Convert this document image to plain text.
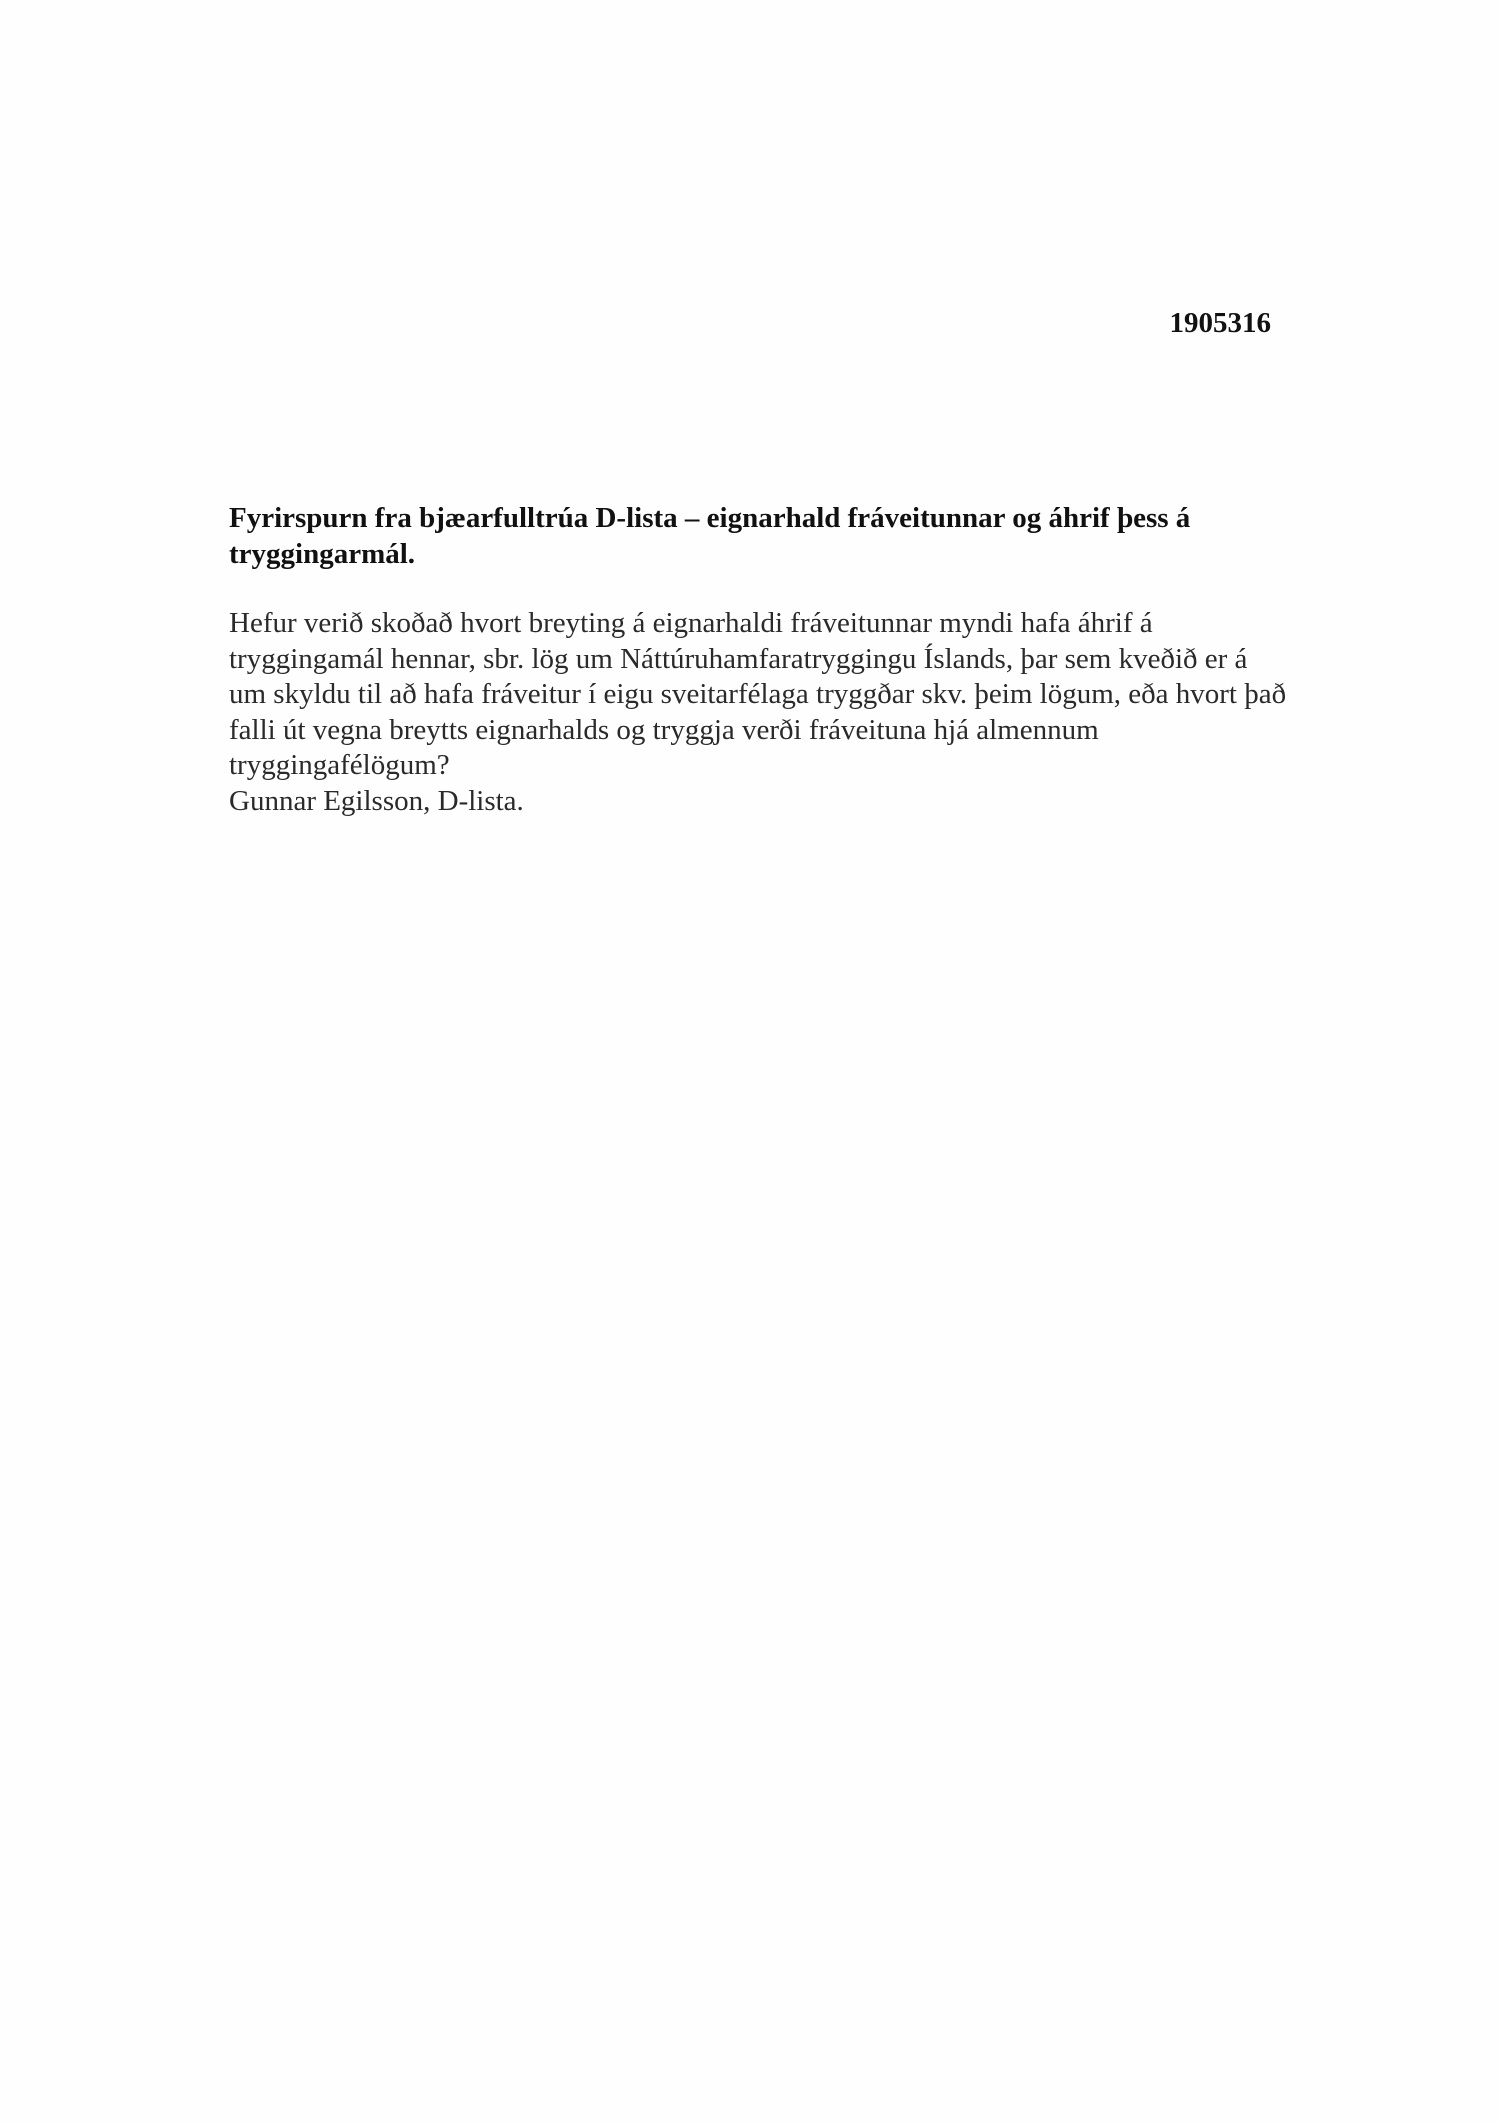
1905316
Fyrirspurn fra bjæarfulltrúa D-lista – eignarhald fráveitunnar og áhrif þess á tryggingarmál.

Hefur verið skoðað hvort breyting á eignarhaldi fráveitunnar myndi hafa áhrif á tryggingamál hennar, sbr. lög um Náttúruhamfaratryggingu Íslands, þar sem kveðið er á um skyldu til að hafa fráveitur í eigu sveitarfélaga tryggðar skv. þeim lögum, eða hvort það falli út vegna breytts eignarhalds og tryggja verði fráveituna hjá almennum tryggingafélögum?

Gunnar Egilsson, D-lista.
